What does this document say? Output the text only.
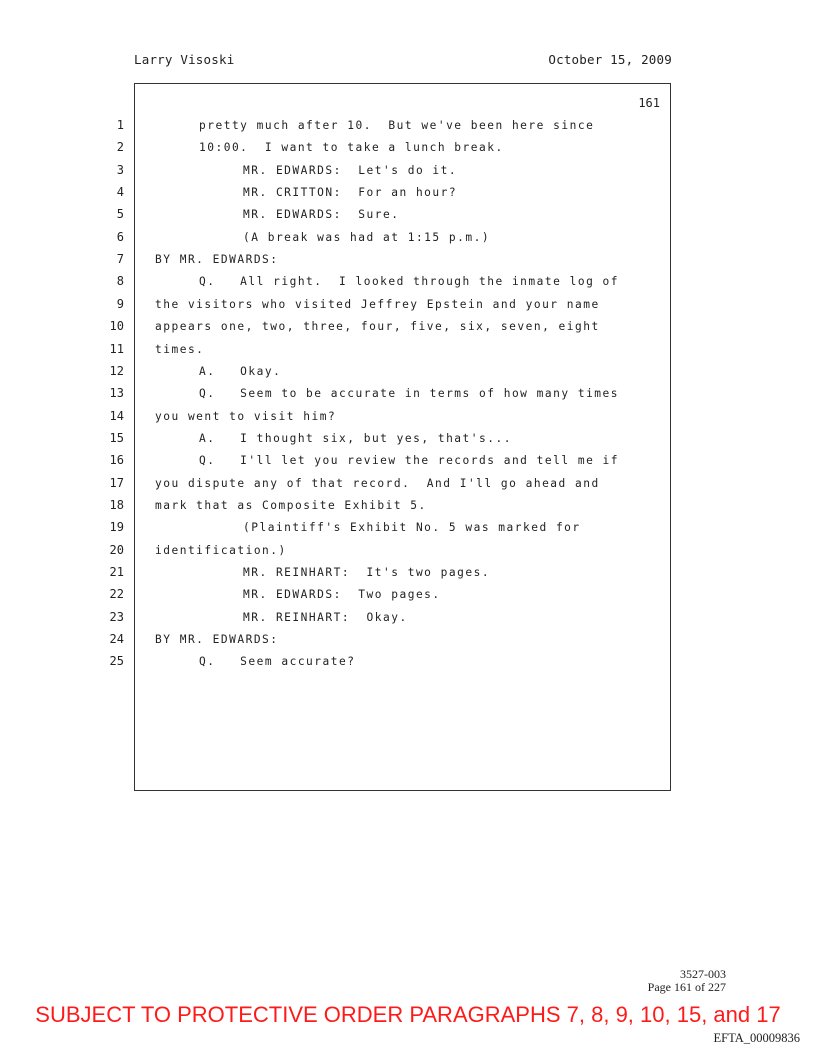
Larry Visoski	October 15, 2009
1
2
3
4
5
6
7
8
9
10
11
12
13
14
15
16
17
18
19
20
21
22
23
24
25
161
pretty much after 10.  But we've been here since
10:00.  I want to take a lunch break.
MR. EDWARDS:  Let's do it.
MR. CRITTON:  For an hour?
MR. EDWARDS:  Sure.
(A break was had at 1:15 p.m.)
BY MR. EDWARDS:
Q.   All right.  I looked through the inmate log of
the visitors who visited Jeffrey Epstein and your name
appears one, two, three, four, five, six, seven, eight
times.
A.   Okay.
Q.   Seem to be accurate in terms of how many times
you went to visit him?
A.   I thought six, but yes, that's...
Q.   I'll let you review the records and tell me if
you dispute any of that record.  And I'll go ahead and
mark that as Composite Exhibit 5.
(Plaintiff's Exhibit No. 5 was marked for
identification.)
MR. REINHART:  It's two pages.
MR. EDWARDS:  Two pages.
MR. REINHART:  Okay.
BY MR. EDWARDS:
Q.   Seem accurate?
3527-003
Page 161 of 227
SUBJECT TO PROTECTIVE ORDER PARAGRAPHS 7, 8, 9, 10, 15, and 17
EFTA_00009836
